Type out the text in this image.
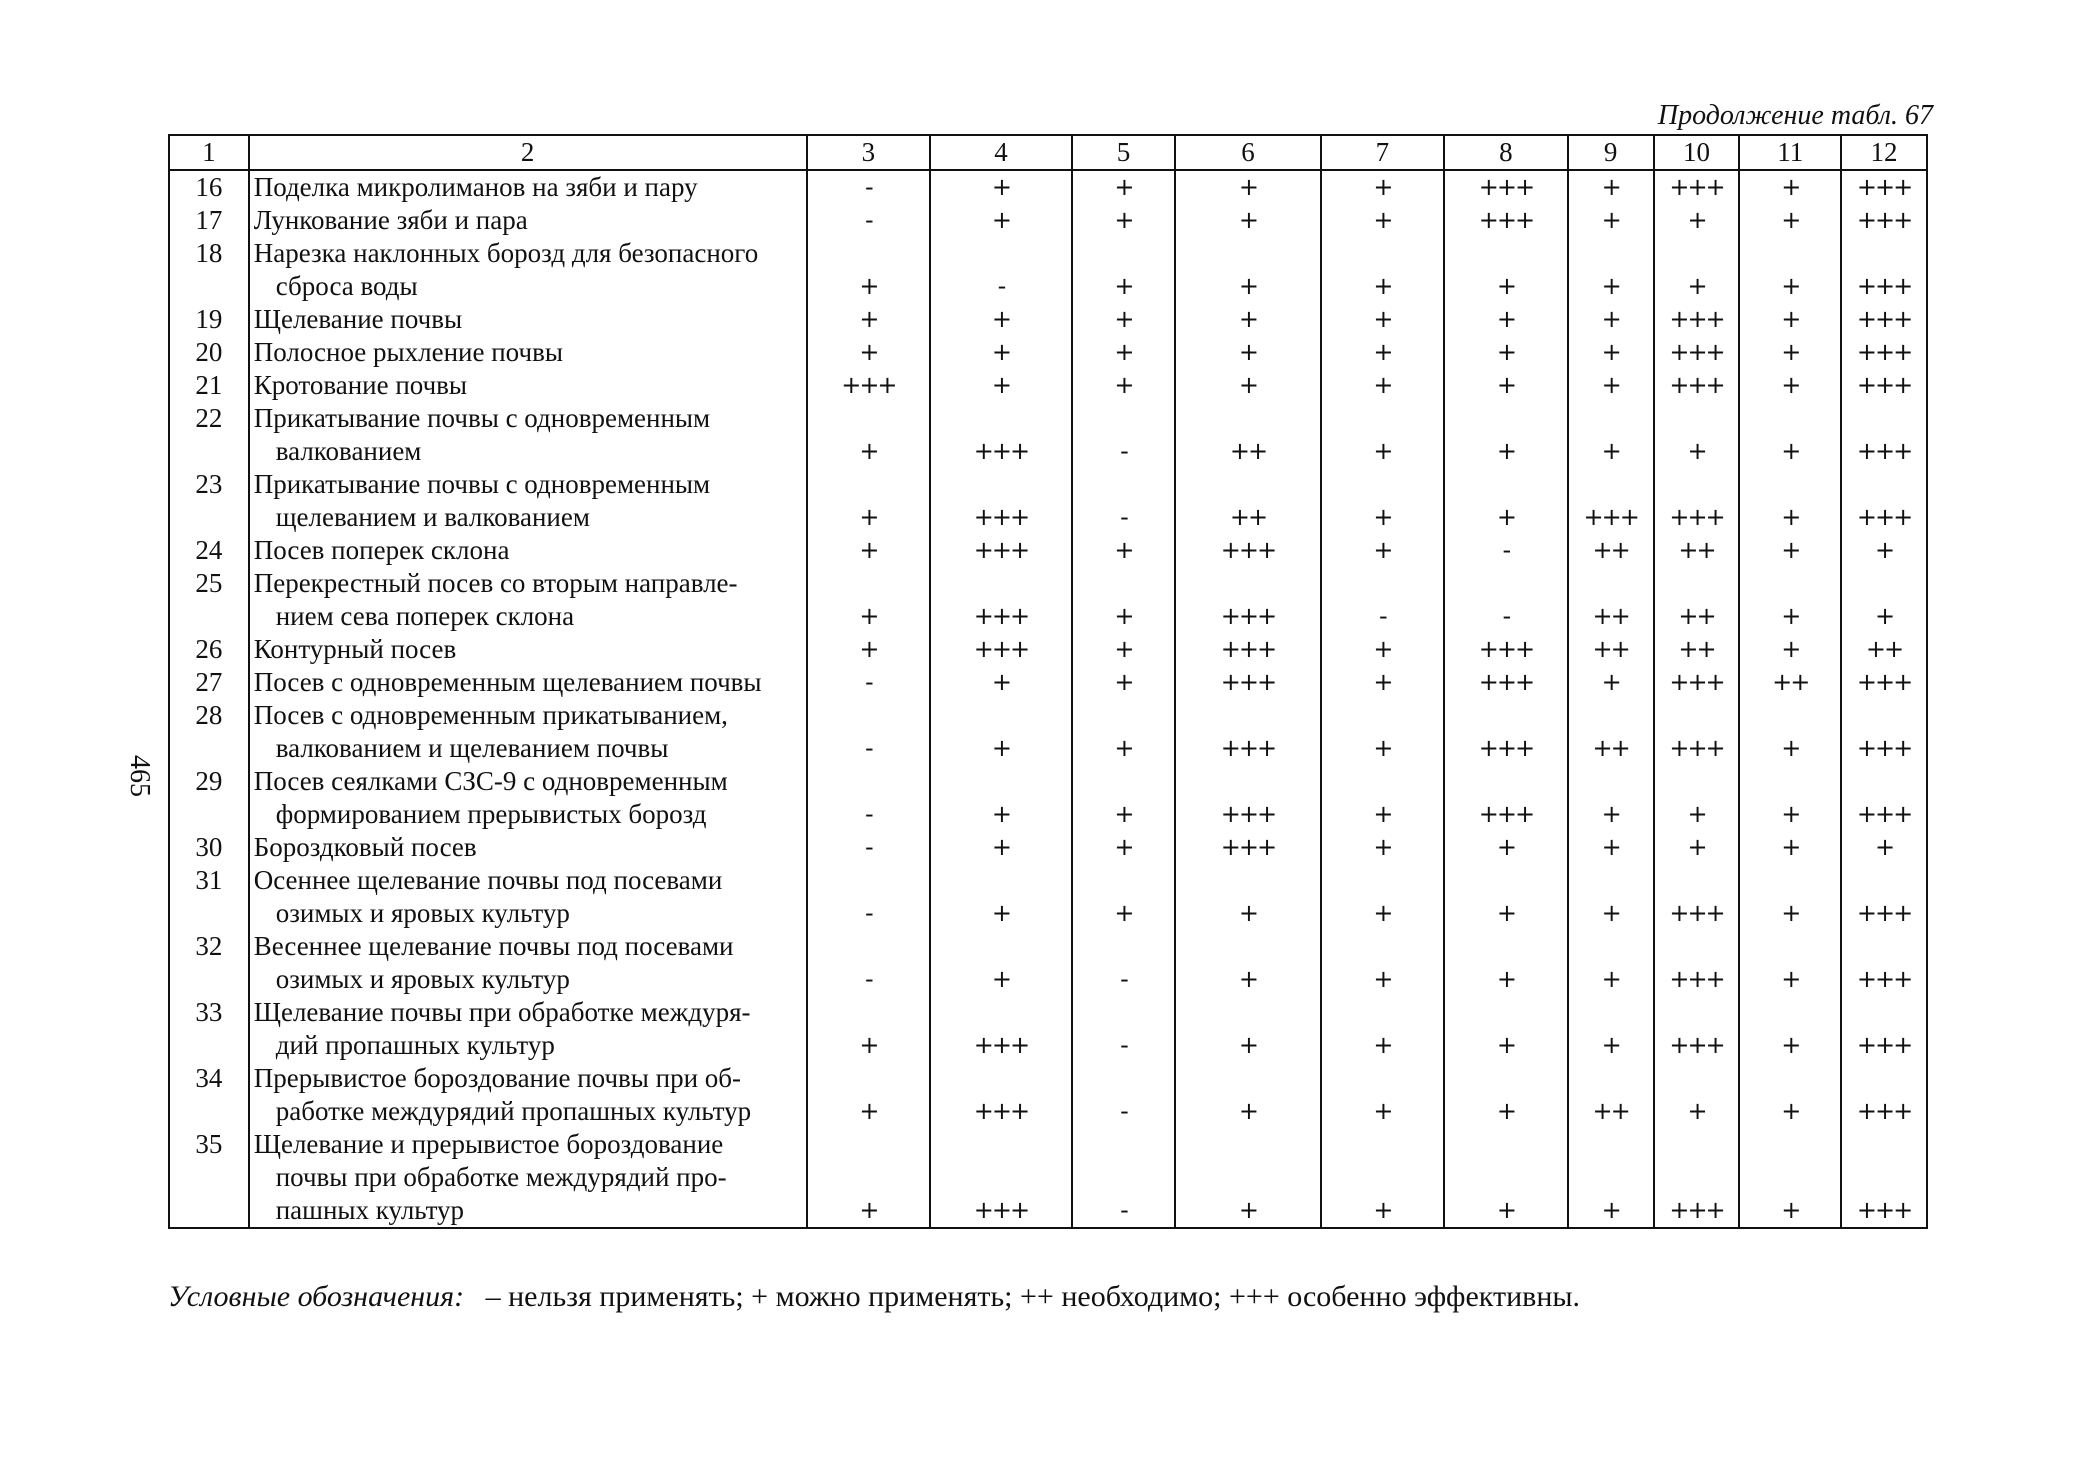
Продолжение табл. 67
465
1	2	3	4	5	6	7	8	9	10	11	12
16	Поделка микролиманов на зяби и пару	-	+	+	+	+	+++	+	+++	+	+++
17	Лункование зяби и пара	-	+	+	+	+	+++	+	+	+	+++
18	Нарезка наклонных борозд для безопасного
сброса воды	+	-	+	+	+	+	+	+	+	+++
19	Щелевание почвы	+	+	+	+	+	+	+	+++	+	+++
20	Полосное рыхление почвы	+	+	+	+	+	+	+	+++	+	+++
21	Кротование почвы	+++	+	+	+	+	+	+	+++	+	+++
22	Прикатывание почвы с одновременным
валкованием	+	+++	-	++	+	+	+	+	+	+++
23	Прикатывание почвы с одновременным
щелеванием и валкованием	+	+++	-	++	+	+	+++	+++	+	+++
24	Посев поперек склона	+	+++	+	+++	+	-	++	++	+	+
25	Перекрестный посев со вторым направле-
нием сева поперек склона	+	+++	+	+++	-	-	++	++	+	+
26	Контурный посев	+	+++	+	+++	+	+++	++	++	+	++
27	Посев с одновременным щелеванием почвы	-	+	+	+++	+	+++	+	+++	++	+++
28	Посев с одновременным прикатыванием,
валкованием и щелеванием почвы	-	+	+	+++	+	+++	++	+++	+	+++
29	Посев сеялками СЗС-9 с одновременным
формированием прерывистых борозд	-	+	+	+++	+	+++	+	+	+	+++
30	Бороздковый посев	-	+	+	+++	+	+	+	+	+	+
31	Осеннее щелевание почвы под посевами
озимых и яровых культур	-	+	+	+	+	+	+	+++	+	+++
32	Весеннее щелевание почвы под посевами
озимых и яровых культур	-	+	-	+	+	+	+	+++	+	+++
33	Щелевание почвы при обработке междуря-
дий пропашных культур	+	+++	-	+	+	+	+	+++	+	+++
34	Прерывистое бороздование почвы при об-
работке междурядий пропашных культур	+	+++	-	+	+	+	++	+	+	+++
35	Щелевание и прерывистое бороздование
почвы при обработке междурядий про-
пашных культур	+	+++	-	+	+	+	+	+++	+	+++
Условные обозначения: – нельзя применять; + можно применять; ++ необходимо; +++ особенно эффективны.
